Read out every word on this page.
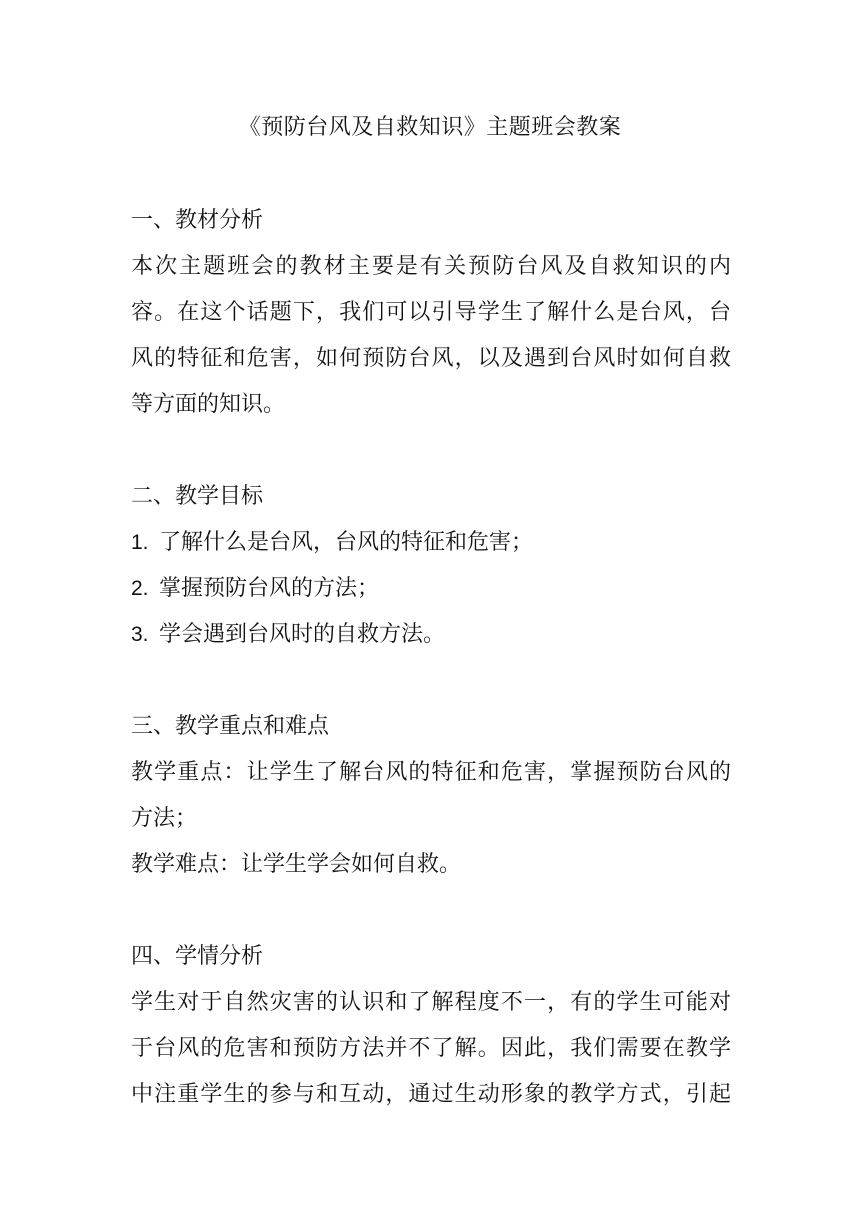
《预防台风及自救知识》主题班会教案
一、教材分析
本次主题班会的教材主要是有关预防台风及自救知识的内
容。在这个话题下，我们可以引导学生了解什么是台风，台
风的特征和危害，如何预防台风，以及遇到台风时如何自救
等方面的知识。
二、教学目标
1. 了解什么是台风，台风的特征和危害；
2. 掌握预防台风的方法；
3. 学会遇到台风时的自救方法。
三、教学重点和难点
教学重点：让学生了解台风的特征和危害，掌握预防台风的
方法；
教学难点：让学生学会如何自救。
四、学情分析
学生对于自然灾害的认识和了解程度不一，有的学生可能对
于台风的危害和预防方法并不了解。因此，我们需要在教学
中注重学生的参与和互动，通过生动形象的教学方式，引起
